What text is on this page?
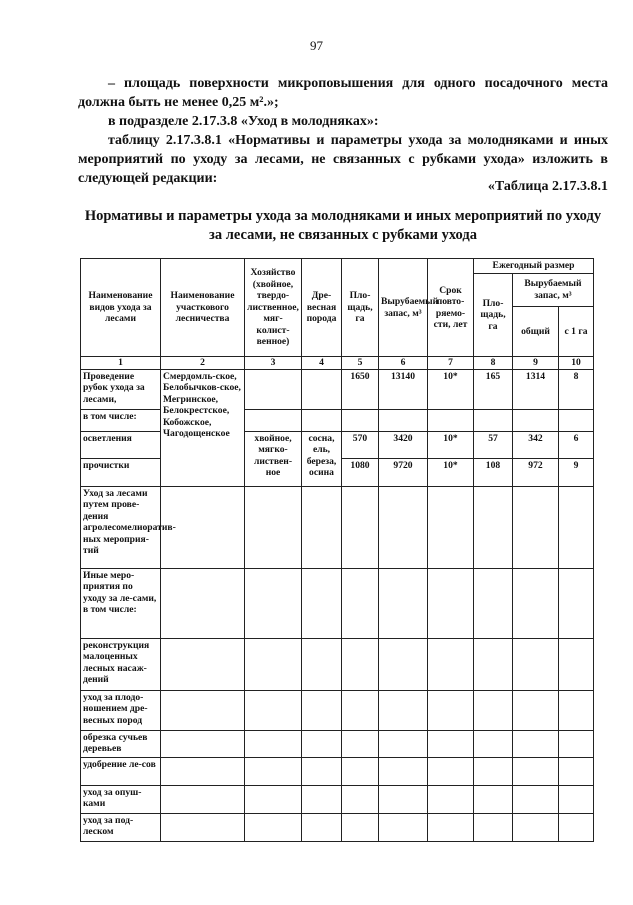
97
– площадь поверхности микроповышения для одного посадочного места должна быть не менее 0,25 м².»;
в подразделе 2.17.3.8 «Уход в молодняках»:
таблицу 2.17.3.8.1 «Нормативы и параметры ухода за молодняками и иных мероприятий по уходу за лесами, не связанных с рубками ухода» изложить в следующей редакции:
«Таблица 2.17.3.8.1
Нормативы и параметры ухода за молодняками и иных мероприятий по уходу за лесами, не связанных с рубками ухода
Наименование видов ухода за лесами	Наименование участкового лесничества	Хозяйство (хвойное, твердо-лиственное, мяг-колист-венное)	Дре-весная порода	Пло-щадь, га	Вырубаемый запас, м³	Срок повто-ряемо-сти, лет	Ежегодный размер		
							Пло-щадь, га	Вырубаемый запас, м³	
								общий	с 1 га
1	2	3	4	5	6	7	8	9	10
Проведение рубок ухода за лесами,	Смердомль-ское, Белобычков-ское, Мегринское, Белокрестское, Кобожское, Чагодощенское			1650	13140	10*	165	1314	8
в том числе:									
осветления		хвойное, мягко-листвен-ное	сосна, ель, береза, осина	570	3420	10*	57	342	6
прочистки				1080	9720	10*	108	972	9
Уход за лесами путем прове-дения агролесомелиоратив-ных мероприя-тий									
Иные меро-приятия по уходу за ле-сами, в том числе:									
реконструкция малоценных лесных насаж-дений									
уход за плодо-ношением дре-весных пород									
обрезка сучьев деревьев									
удобрение ле-сов									
уход за опуш-ками									
уход за под-леском									
